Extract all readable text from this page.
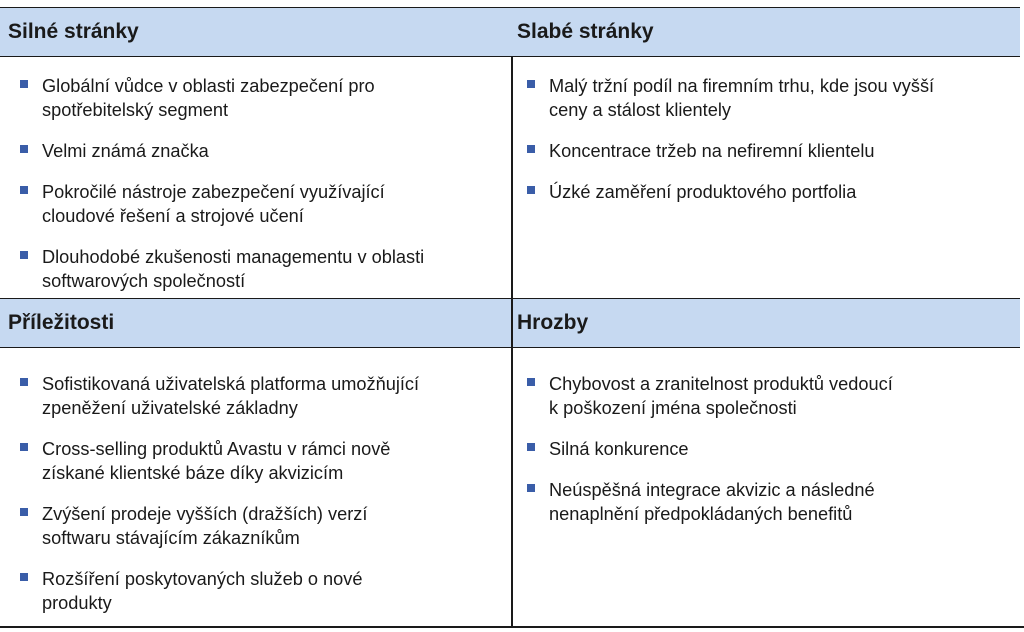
Silné stránky
Globální vůdce v oblasti zabezpečení pro
spotřebitelský segment
Velmi známá značka
Pokročilé nástroje zabezpečení využívající
cloudové řešení a strojové učení
Dlouhodobé zkušenosti managementu v oblasti
softwarových společností
Slabé stránky
Malý tržní podíl na firemním trhu, kde jsou vyšší
ceny a stálost klientely
Koncentrace tržeb na nefiremní klientelu
Úzké zaměření produktového portfolia
Příležitosti
Sofistikovaná uživatelská platforma umožňující
zpeněžení uživatelské základny
Cross-selling produktů Avastu v rámci nově
získané klientské báze díky akvizicím
Zvýšení prodeje vyšších (dražších) verzí
softwaru stávajícím zákazníkům
Rozšíření poskytovaných služeb o nové
produkty
Hrozby
Chybovost a zranitelnost produktů vedoucí
k poškození jména společnosti
Silná konkurence
Neúspěšná integrace akvizic a následné
nenaplnění předpokládaných benefitů
